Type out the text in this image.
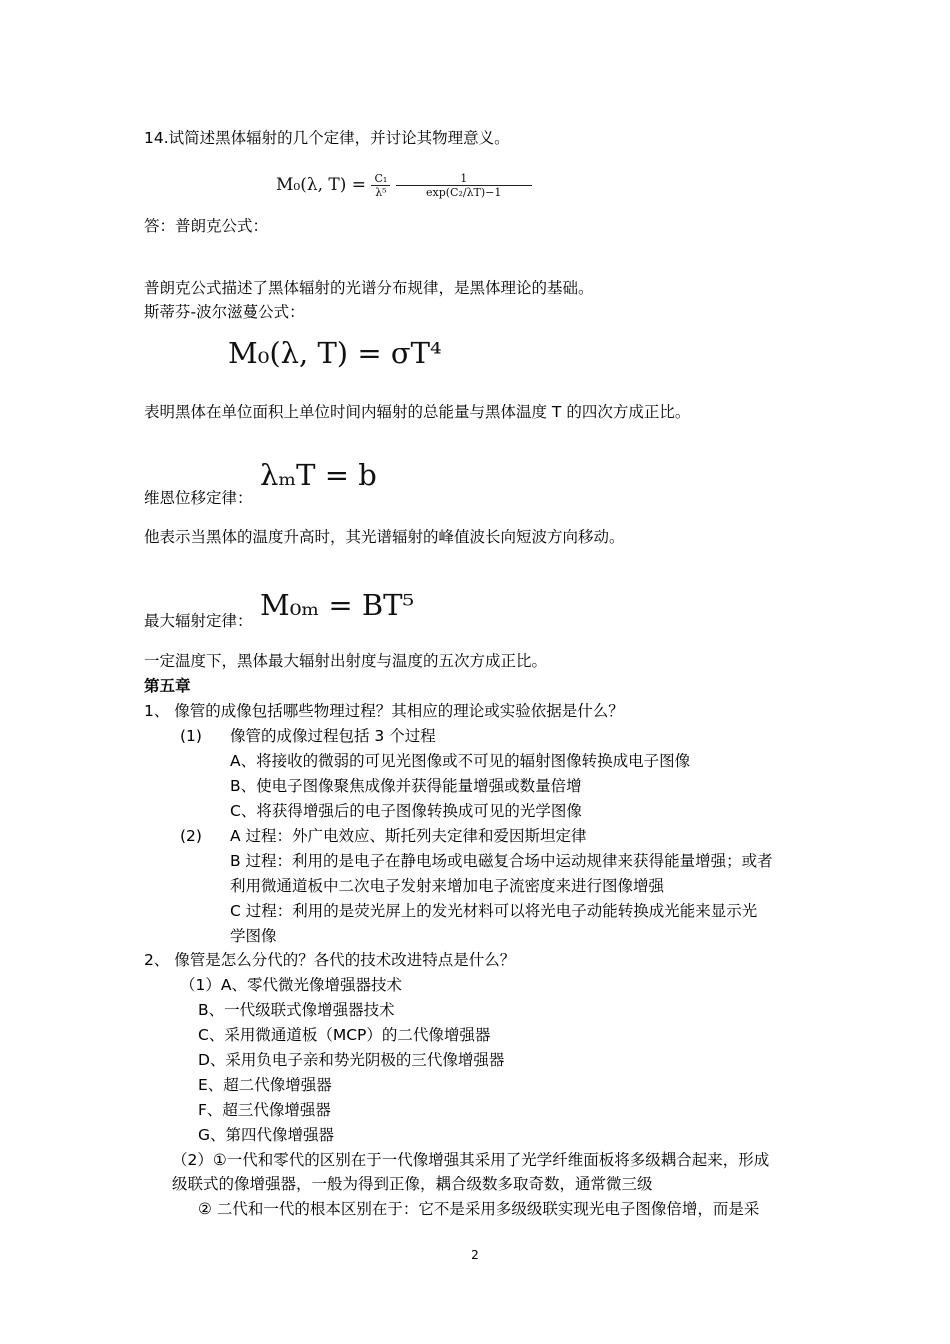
14.试简述黑体辐射的几个定律，并讨论其物理意义。
M₀(λ, $T) = \frac{\text{C₁}}{\text{λ⁵}}$
$\frac{1}{\text{exp(C₂/λT)−1}}$
答：普朗克公式：
普朗克公式描述了黑体辐射的光谱分布规律，是黑体理论的基础。
斯蒂芬-波尔滋蔓公式：
M₀(λ, T) = σT⁴
表明黑体在单位面积上单位时间内辐射的总能量与黑体温度 T 的四次方成正比。
λₘT = b
维恩位移定律：
他表示当黑体的温度升高时，其光谱辐射的峰值波长向短波方向移动。
M₀ₘ = BT⁵
最大辐射定律：
一定温度下，黑体最大辐射出射度与温度的五次方成正比。
第五章
1、 像管的成像包括哪些物理过程？其相应的理论或实验依据是什么？
(1) 像管的成像过程包括 3 个过程
A、将接收的微弱的可见光图像或不可见的辐射图像转换成电子图像
B、使电子图像聚焦成像并获得能量增强或数量倍增
C、将获得增强后的电子图像转换成可见的光学图像
(2) A 过程：外广电效应、斯托列夫定律和爱因斯坦定律
B 过程：利用的是电子在静电场或电磁复合场中运动规律来获得能量增强；或者
利用微通道板中二次电子发射来增加电子流密度来进行图像增强
C 过程：利用的是荧光屏上的发光材料可以将光电子动能转换成光能来显示光
学图像
2、 像管是怎么分代的？各代的技术改进特点是什么？
（1）A、零代微光像增强器技术
B、一代级联式像增强器技术
C、采用微通道板（MCP）的二代像增强器
D、采用负电子亲和势光阴极的三代像增强器
E、超二代像增强器
F、超三代像增强器
G、第四代像增强器
（2）①一代和零代的区别在于一代像增强其采用了光学纤维面板将多级耦合起来，形成
级联式的像增强器，一般为得到正像，耦合级数多取奇数，通常微三级
② 二代和一代的根本区别在于：它不是采用多级级联实现光电子图像倍增，而是采
2
